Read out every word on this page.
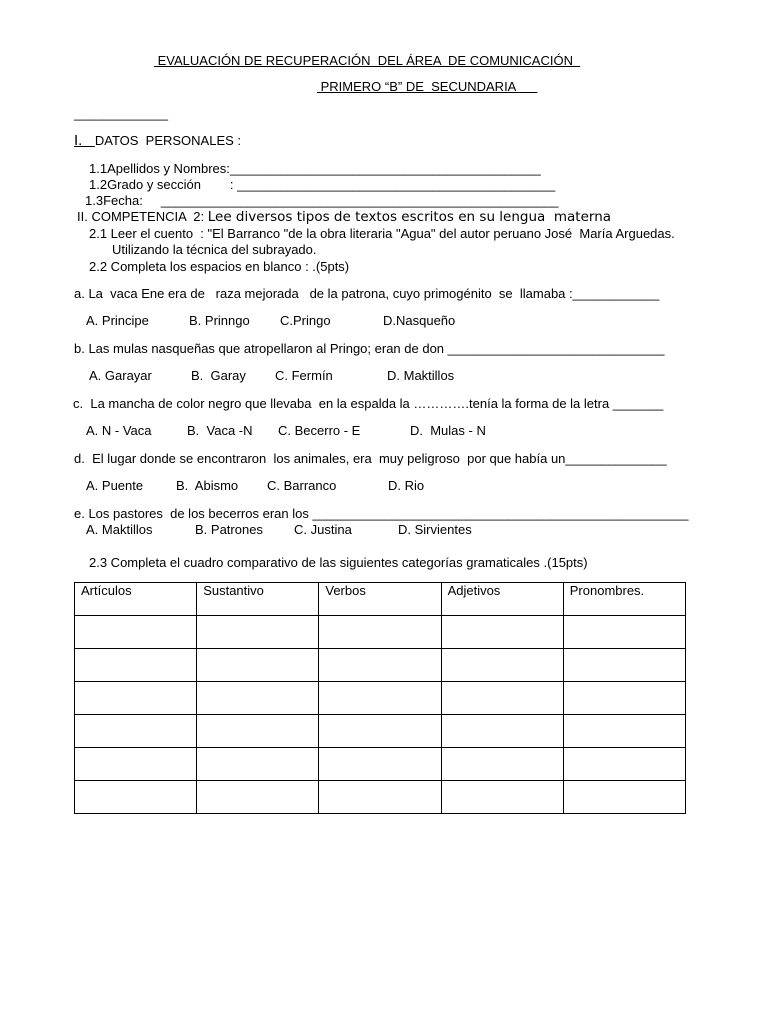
EVALUACIÓN DE RECUPERACIÓN  DEL ÁREA  DE COMUNICACIÓN
PRIMERO “B” DE  SECUNDARIA
_____________
I.   DATOS  PERSONALES :
1.1Apellidos y Nombres:___________________________________________
1.2Grado y sección        : ____________________________________________
1.3Fecha:     _______________________________________________________
II. COMPETENCIA  2: Lee diversos tipos de textos escritos en su lengua  materna
2.1 Leer el cuento  : "El Barranco "de la obra literaria "Agua" del autor peruano José  María Arguedas.
Utilizando la técnica del subrayado.
2.2 Completa los espacios en blanco : .(5pts)
a. La  vaca Ene era de   raza mejorada   de la patrona, cuyo primogénito  se  llamaba :____________
A. Principe	B. Prinngo C.Pringo	D.Nasqueño
b. Las mulas nasqueñas que atropellaron al Pringo; eran de don ______________________________
A. Garayar	B.  Garay C. Fermín	D. Maktillos
c.  La mancha de color negro que llevaba  en la espalda la ………….tenía la forma de la letra _______
A. N - Vaca	B.  Vaca -N C. Becerro - E	D.  Mulas - N
d.  El lugar donde se encontraron  los animales, era  muy peligroso  por que había un______________
A. Puente	B.  Abismo C. Barranco	D. Rio
e. Los pastores  de los becerros eran los ____________________________________________________
A. Maktillos	B. Patrones C. Justina	D. Sirvientes
2.3 Completa el cuadro comparativo de las siguientes categorías gramaticales .(15pts)
Artículos	Sustantivo	Verbos	Adjetivos	Pronombres.
